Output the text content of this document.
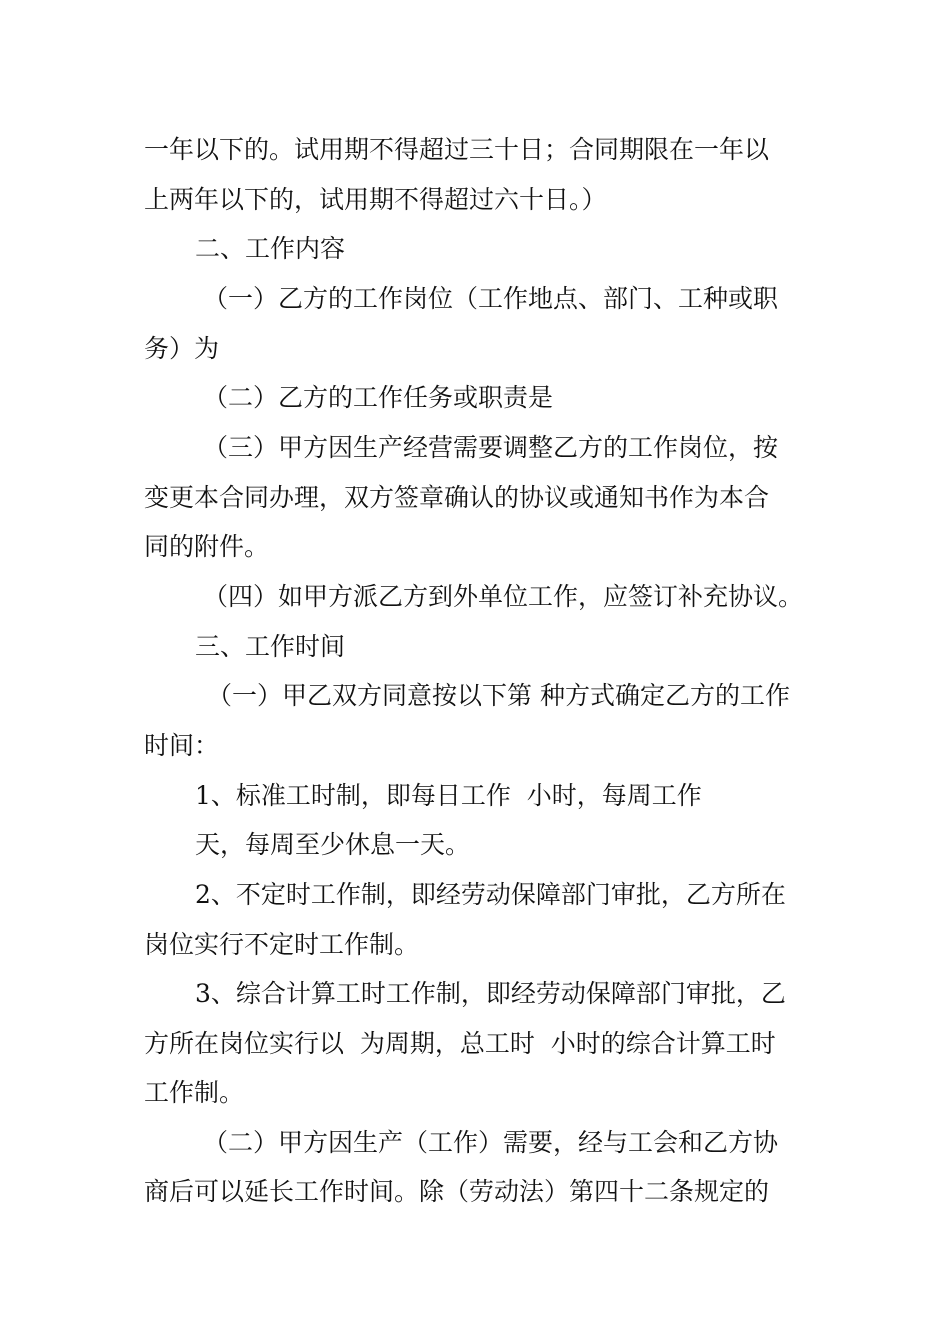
一年以下的。试用期不得超过三十日；合同期限在一年以
上两年以下的，试用期不得超过六十日。）
二、工作内容
（一）乙方的工作岗位（工作地点、部门、工种或职
务）为
（二）乙方的工作任务或职责是
（三）甲方因生产经营需要调整乙方的工作岗位，按
变更本合同办理，双方签章确认的协议或通知书作为本合
同的附件。
（四）如甲方派乙方到外单位工作，应签订补充协议。
三、工作时间
（一）甲乙双方同意按以下第 种方式确定乙方的工作
时间：
1、标准工时制，即每日工作  小时，每周工作
天，每周至少休息一天。
2、不定时工作制，即经劳动保障部门审批，乙方所在
岗位实行不定时工作制。
3、综合计算工时工作制，即经劳动保障部门审批，乙
方所在岗位实行以  为周期，总工时  小时的综合计算工时
工作制。
（二）甲方因生产（工作）需要，经与工会和乙方协
商后可以延长工作时间。除（劳动法）第四十二条规定的
